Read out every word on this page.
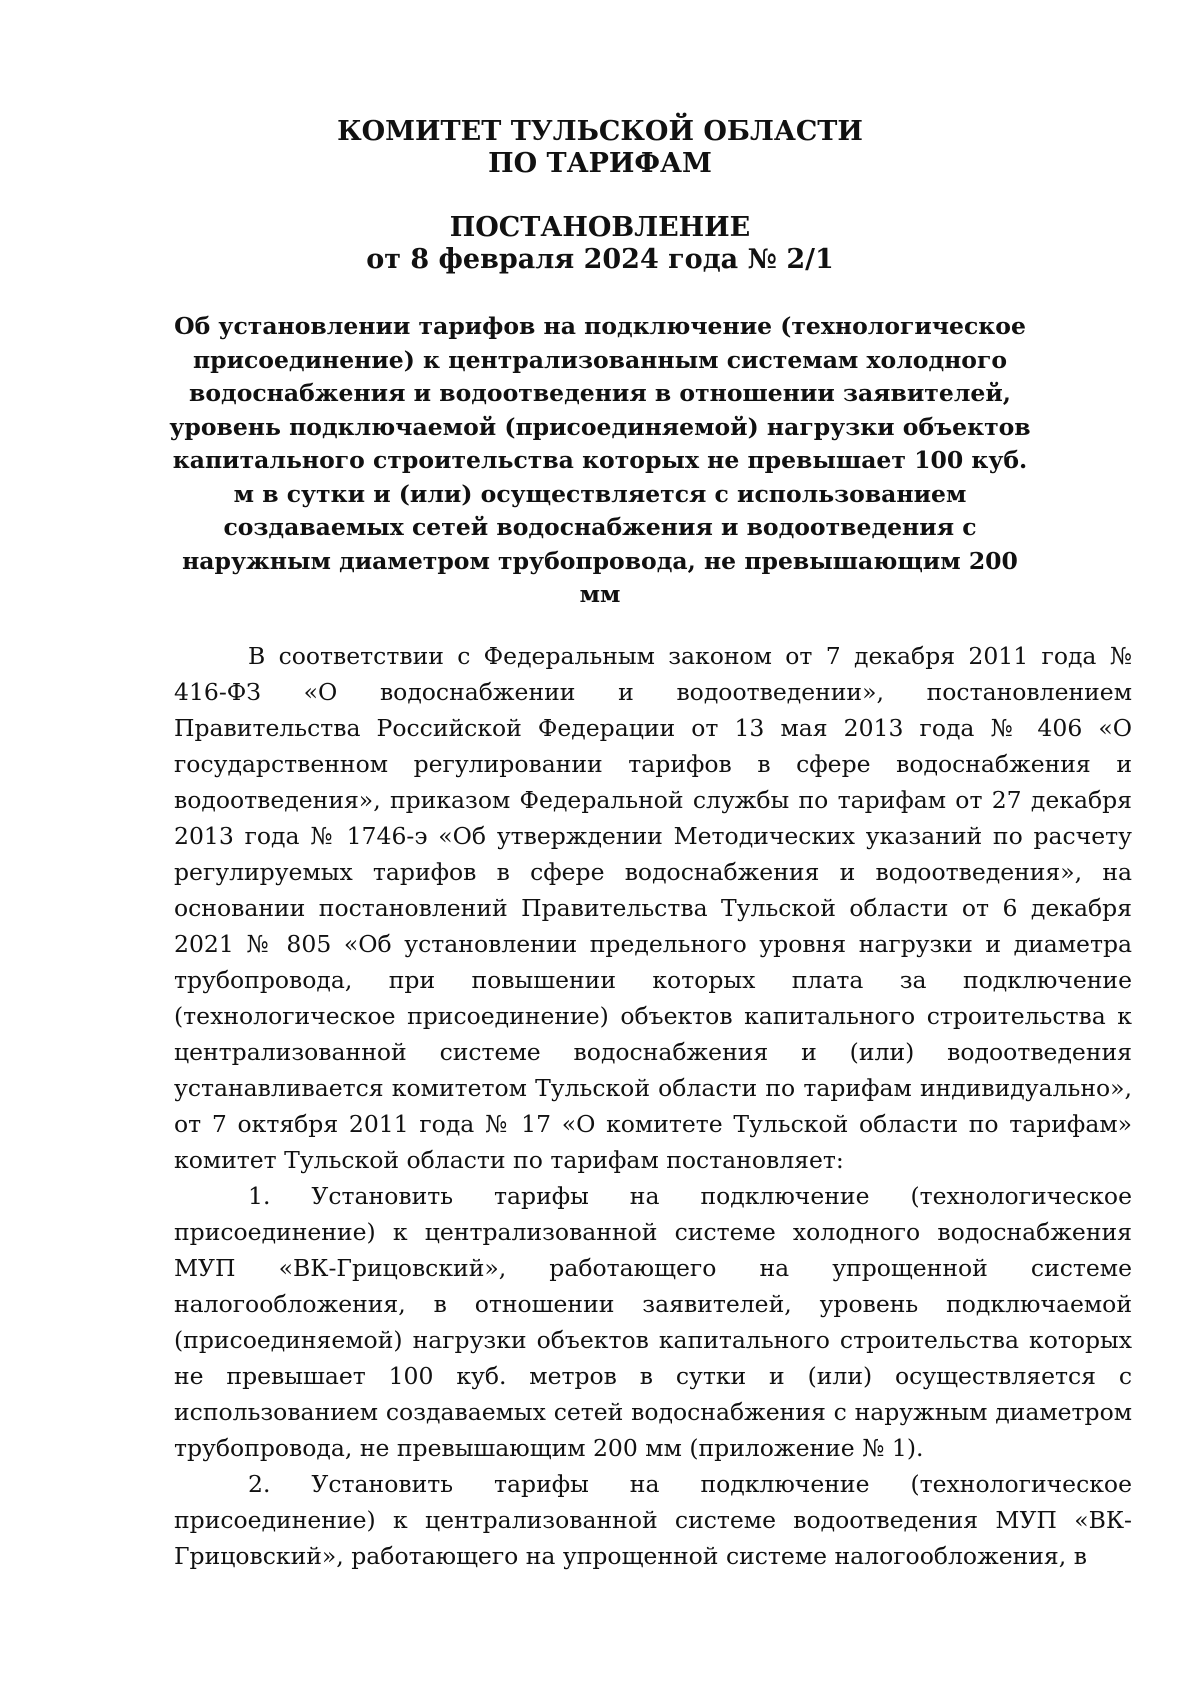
КОМИТЕТ ТУЛЬСКОЙ ОБЛАСТИ
ПО ТАРИФАМ
ПОСТАНОВЛЕНИЕ
от 8 февраля 2024 года № 2/1
Об установлении тарифов на подключение (технологическое присоединение) к централизованным системам холодного водоснабжения и водоотведения в отношении заявителей, уровень подключаемой (присоединяемой) нагрузки объектов капитального строительства которых не превышает 100 куб. м в сутки и (или) осуществляется с использованием создаваемых сетей водоснабжения и водоотведения с наружным диаметром трубопровода, не превышающим 200 мм

В соответствии с Федеральным законом от 7 декабря 2011 года № 416-ФЗ «О водоснабжении и водоотведении», постановлением Правительства Российской Федерации от 13 мая 2013 года № 406 «О государственном регулировании тарифов в сфере водоснабжения и водоотведения», приказом Федеральной службы по тарифам от 27 декабря 2013 года № 1746-э «Об утверждении Методических указаний по расчету регулируемых тарифов в сфере водоснабжения и водоотведения», на основании постановлений Правительства Тульской области от 6 декабря 2021 № 805 «Об установлении предельного уровня нагрузки и диаметра трубопровода, при повышении которых плата за подключение (технологическое присоединение) объектов капитального строительства к централизованной системе водоснабжения и (или) водоотведения устанавливается комитетом Тульской области по тарифам индивидуально», от 7 октября 2011 года № 17 «О комитете Тульской области по тарифам» комитет Тульской области по тарифам постановляет:

1. Установить тарифы на подключение (технологическое присоединение) к централизованной системе холодного водоснабжения МУП «ВК-Грицовский», работающего на упрощенной системе налогообложения, в отношении заявителей, уровень подключаемой (присоединяемой) нагрузки объектов капитального строительства которых не превышает 100 куб. метров в сутки и (или) осуществляется с использованием создаваемых сетей водоснабжения с наружным диаметром трубопровода, не превышающим 200 мм (приложение № 1).

2. Установить тарифы на подключение (технологическое присоединение) к централизованной системе водоотведения МУП «ВК-Грицовский», работающего на упрощенной системе налогообложения, в
